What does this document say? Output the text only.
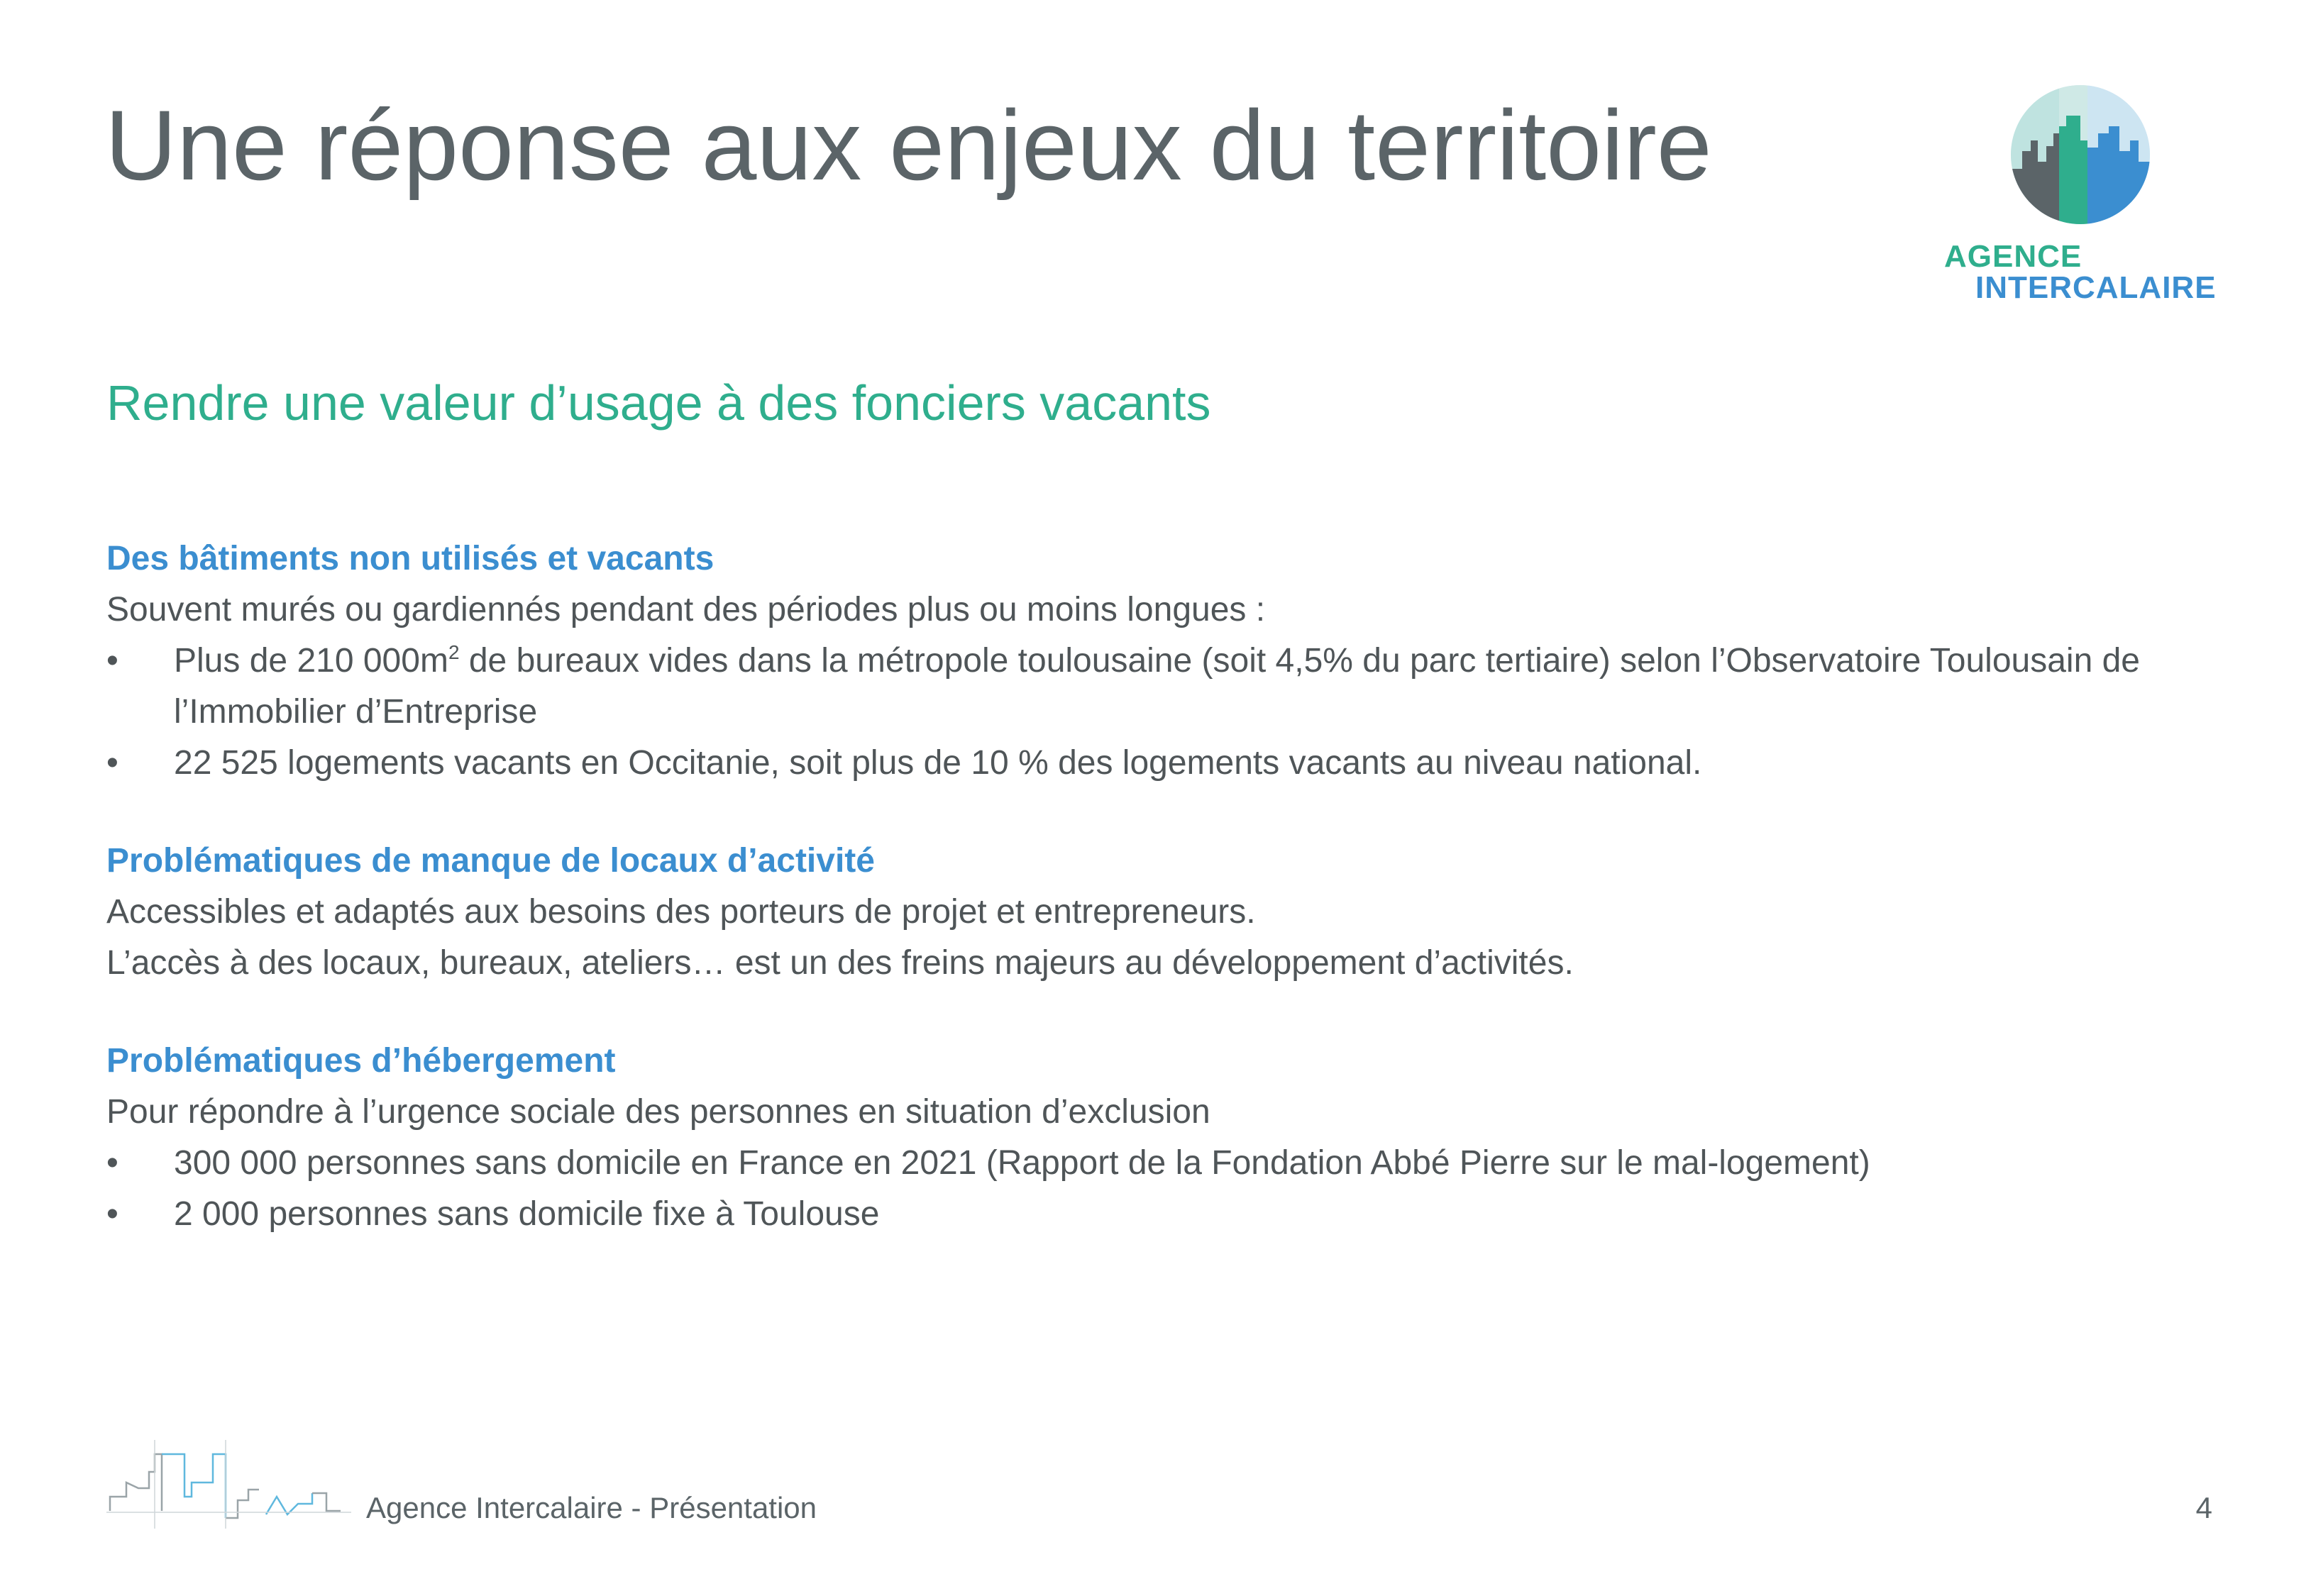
Une réponse aux enjeux du territoire
AGENCE
INTERCALAIRE
Rendre une valeur d’usage à des fonciers vacants

Des bâtiments non utilisés et vacants

Souvent murés ou gardiennés pendant des périodes plus ou moins longues :

• Plus de 210 $000m^2$ de bureaux vides dans la métropole toulousaine (soit 4,5% du parc tertiaire) selon l’Observatoire Toulousain de l’Immobilier d’Entreprise
• 22 525 logements vacants en Occitanie, soit plus de 10 % des logements vacants au niveau national.

Problématiques de manque de locaux d’activité

Accessibles et adaptés aux besoins des porteurs de projet et entrepreneurs.

L’accès à des locaux, bureaux, ateliers… est un des freins majeurs au développement d’activités.

Problématiques d’hébergement

Pour répondre à l’urgence sociale des personnes en situation d’exclusion

• 300 000 personnes sans domicile en France en 2021 (Rapport de la Fondation Abbé Pierre sur le mal-logement)
• 2 000 personnes sans domicile fixe à Toulouse
Agence Intercalaire - Présentation	4
